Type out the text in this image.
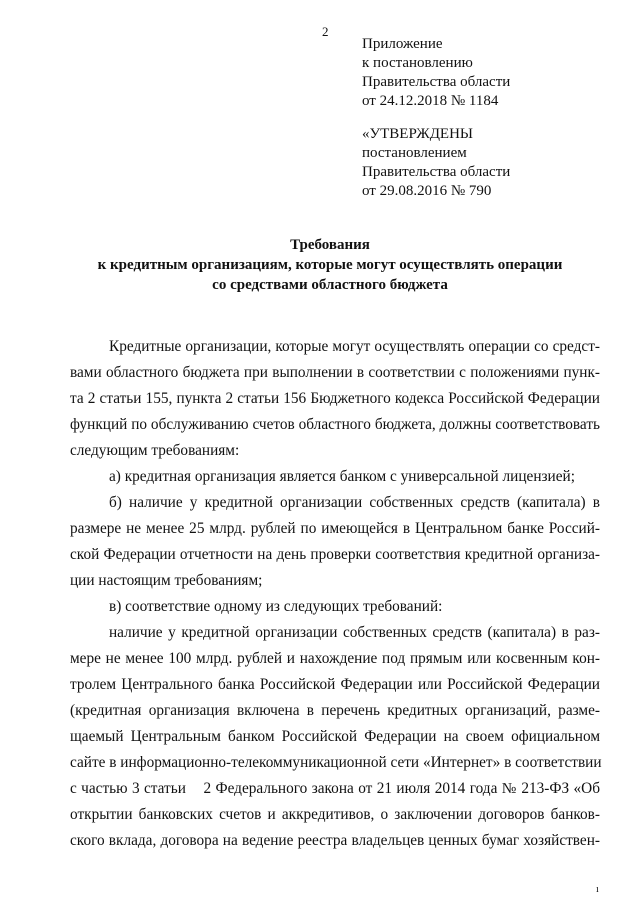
2
Приложение
к постановлению
Правительства области
от 24.12.2018 № 1184
«УТВЕРЖДЕНЫ
постановлением
Правительства области
от 29.08.2016 № 790
Требования
к кредитным организациям, которые могут осуществлять операции
со средствами областного бюджета
Кредитные организации, которые могут осуществлять операции со средст-
вами областного бюджета при выполнении в соответствии с положениями пунк-
та 2 статьи 155, пункта 2 статьи 156 Бюджетного кодекса Российской Федерации
функций по обслуживанию счетов областного бюджета, должны соответствовать
следующим требованиям:
а) кредитная организация является банком с универсальной лицензией;
б) наличие у кредитной организации собственных средств (капитала) в
размере не менее 25 млрд. рублей по имеющейся в Центральном банке Россий-
ской Федерации отчетности на день проверки соответствия кредитной организа-
ции настоящим требованиям;
в) соответствие одному из следующих требований:
наличие у кредитной организации собственных средств (капитала) в раз-
мере не менее 100 млрд. рублей и нахождение под прямым или косвенным кон-
тролем Центрального банка Российской Федерации или Российской Федерации
(кредитная организация включена в перечень кредитных организаций, разме-
щаемый Центральным банком Российской Федерации на своем официальном
сайте в информационно-телекоммуникационной сети «Интернет» в соответствии
с частью 3 статьи    2 Федерального закона от 21 июля 2014 года № 213-ФЗ «Об
открытии банковских счетов и аккредитивов, о заключении договоров банков-
ского вклада, договора на ведение реестра владельцев ценных бумаг хозяйствен-
ı
